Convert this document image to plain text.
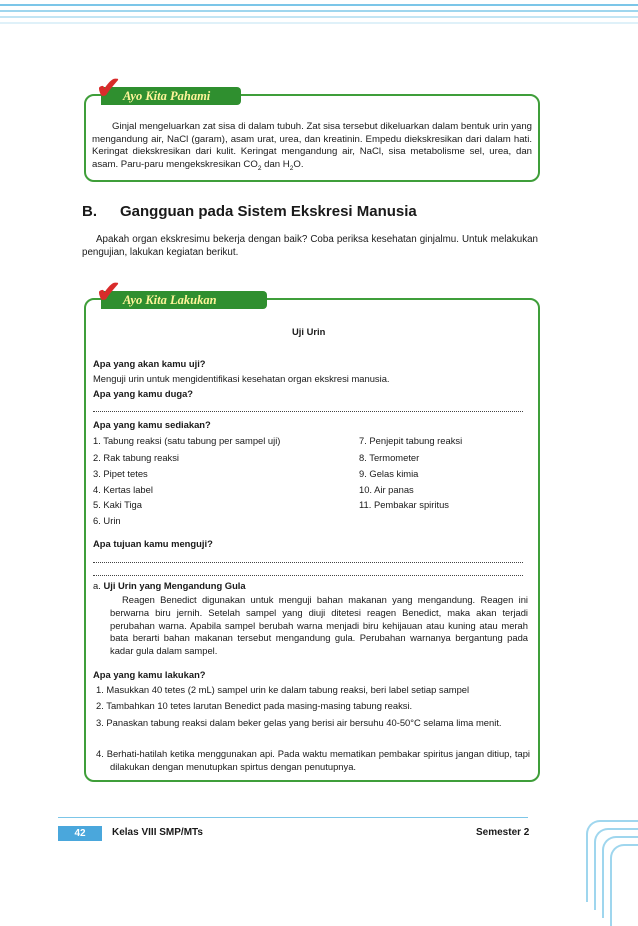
Ayo Kita Pahami
✔
Ginjal mengeluarkan zat sisa di dalam tubuh. Zat sisa tersebut dikeluarkan dalam bentuk urin yang mengandung air, NaCl (garam), asam urat, urea, dan kreatinin. Empedu diekskresikan dari dalam hati. Keringat diekskresikan dari kulit. Keringat mengandung air, NaCl, sisa metabolisme sel, urea, dan asam. Paru-paru mengekskresikan $CO_2$ dan $H_2O$.
B. Gangguan pada Sistem Ekskresi Manusia
Apakah organ ekskresimu bekerja dengan baik? Coba periksa kesehatan ginjalmu. Untuk melakukan pengujian, lakukan kegiatan berikut.
Ayo Kita Lakukan
✔
Uji Urin
Apa yang akan kamu uji?
Menguji urin untuk mengidentifikasi kesehatan organ ekskresi manusia.
Apa yang kamu duga?
Apa yang kamu sediakan?
1. Tabung reaksi (satu tabung per sampel uji)
2. Rak tabung reaksi
3. Pipet tetes
4. Kertas label
5. Kaki Tiga
6. Urin
7. Penjepit tabung reaksi
8. Termometer
9. Gelas kimia
10. Air panas
11. Pembakar spiritus
Apa tujuan kamu menguji?
a. Uji Urin yang Mengandung Gula
Reagen Benedict digunakan untuk menguji bahan makanan yang mengandung. Reagen ini berwarna biru jernih. Setelah sampel yang diuji ditetesi reagen Benedict, maka akan terjadi perubahan warna. Apabila sampel berubah warna menjadi biru kehijauan atau kuning atau merah bata berarti bahan makanan tersebut mengandung gula. Perubahan warnanya bergantung pada kadar gula dalam sampel.
Apa yang kamu lakukan?
1. Masukkan 40 tetes (2 mL) sampel urin ke dalam tabung reaksi, beri label setiap sampel
2. Tambahkan 10 tetes larutan Benedict pada masing-masing tabung reaksi.
3. Panaskan tabung reaksi dalam beker gelas yang berisi air bersuhu 40-50°C selama lima menit.
4. Berhati-hatilah ketika menggunakan api. Pada waktu mematikan pembakar spiritus jangan ditiup, tapi dilakukan dengan menutupkan spirtus dengan penutupnya.
42	Kelas VIII SMP/MTs	Semester 2
